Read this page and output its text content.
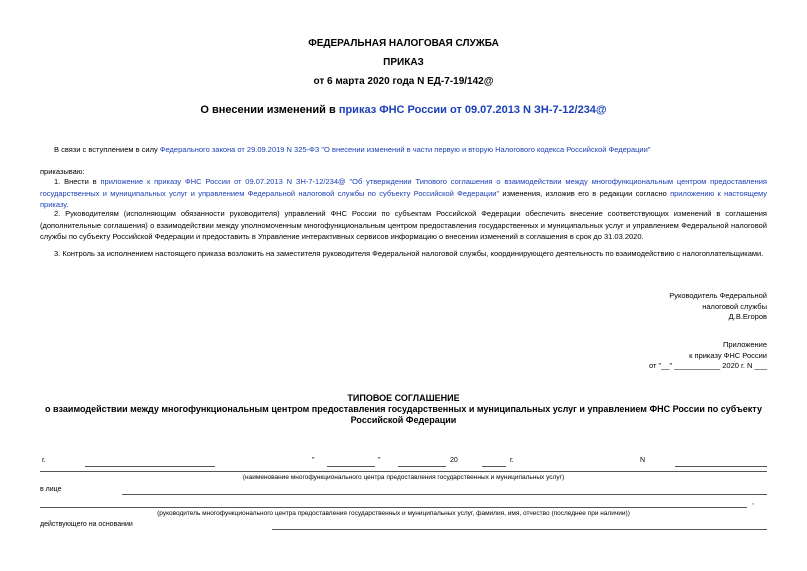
ФЕДЕРАЛЬНАЯ НАЛОГОВАЯ СЛУЖБА
ПРИКАЗ
от 6 марта 2020 года N ЕД-7-19/142@
О внесении изменений в приказ ФНС России от 09.07.2013 N ЗН-7-12/234@
В связи с вступлением в силу Федерального закона от 29.09.2019 N 325-ФЗ "О внесении изменений в части первую и вторую Налогового кодекса Российской Федерации"
приказываю:
1. Внести в приложение к приказу ФНС России от 09.07.2013 N ЗН-7-12/234@ "Об утверждении Типового соглашения о взаимодействии между многофункциональным центром предоставления государственных и муниципальных услуг и управлением Федеральной налоговой службы по субъекту Российской Федерации" изменения, изложив его в редакции согласно приложению к настоящему приказу.
2. Руководителям (исполняющим обязанности руководителя) управлений ФНС России по субъектам Российской Федерации обеспечить внесение соответствующих изменений в соглашения (дополнительные соглашения) о взаимодействии между уполномоченным многофункциональным центром предоставления государственных и муниципальных услуг и управлением Федеральной налоговой службы по субъекту Российской Федерации и предоставить в Управление интерактивных сервисов информацию о внесении изменений в соглашения в срок до 31.03.2020.
3. Контроль за исполнением настоящего приказа возложить на заместителя руководителя Федеральной налоговой службы, координирующего деятельность по взаимодействию с налогоплательщиками.
Руководитель Федеральной
налоговой службы
Д.В.Егоров
Приложение
к приказу ФНС России
от "__" ___________ 2020 г. N ___
ТИПОВОЕ СОГЛАШЕНИЕ
о взаимодействии между многофункциональным центром предоставления государственных и муниципальных услуг и управлением ФНС России по субъекту Российской Федерации
г.	"	"	20	г.	N
(наименование многофункционального центра предоставления государственных и муниципальных услуг)
в лице
,
(руководитель многофункционального центра предоставления государственных и муниципальных услуг, фамилия, имя, отчество (последнее при наличии))
действующего на основании
